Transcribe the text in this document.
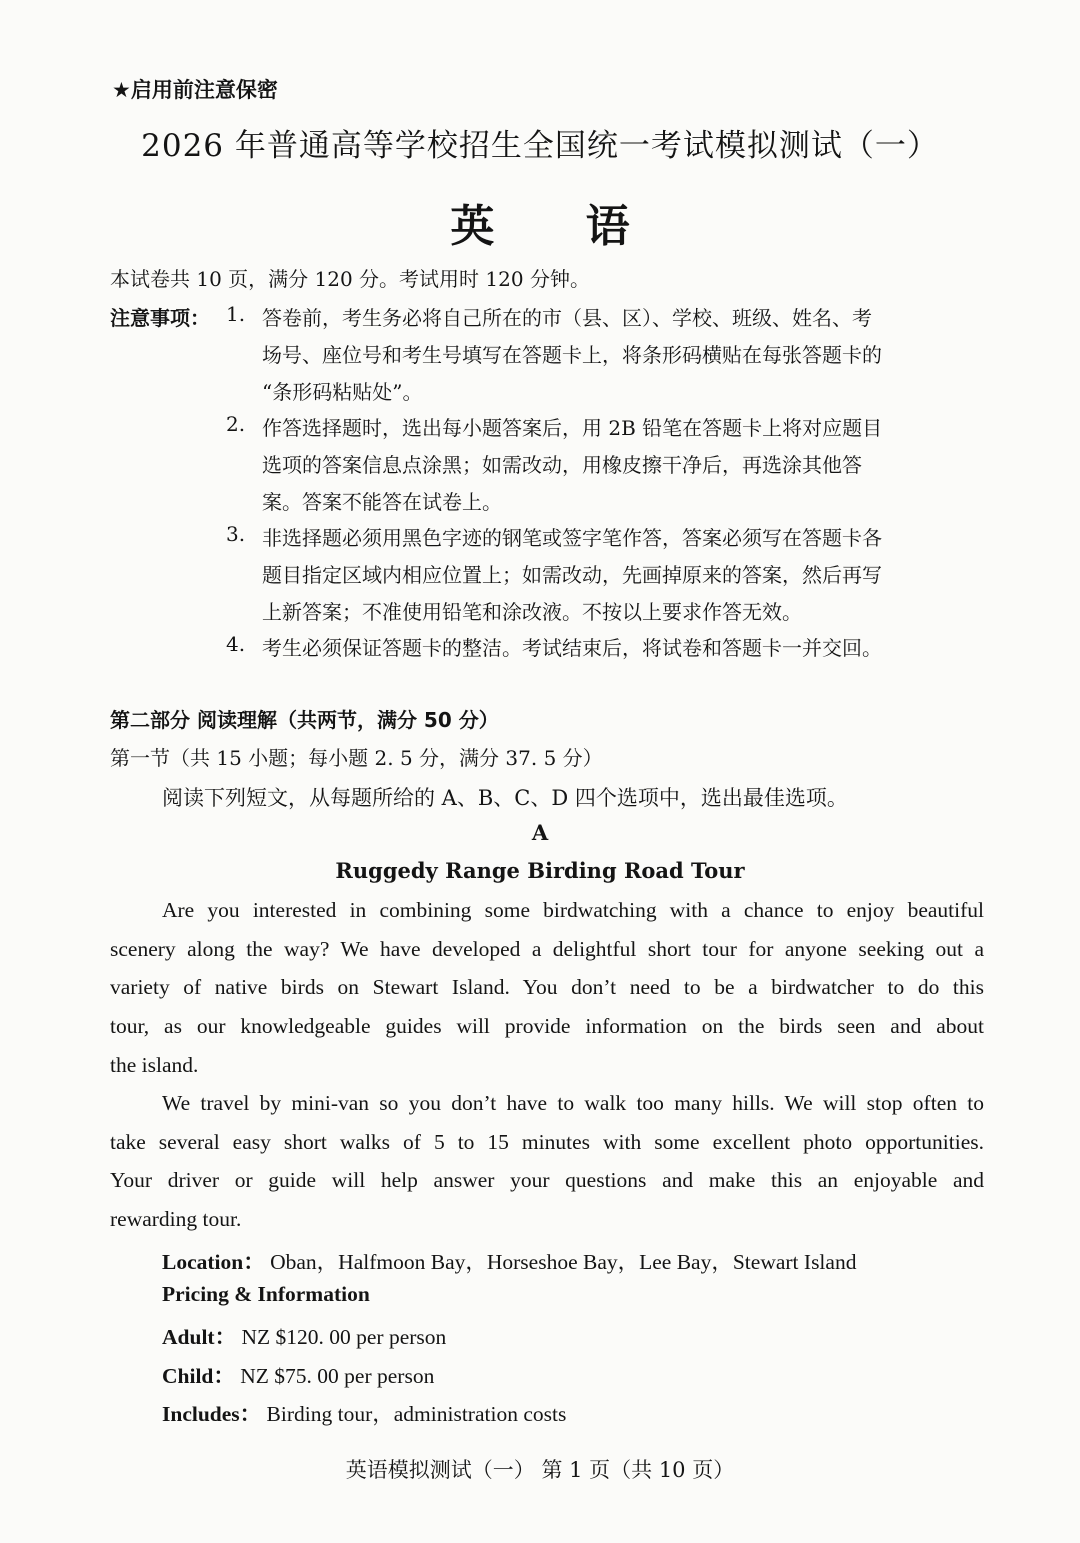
★启用前注意保密
2026 年普通高等学校招生全国统一考试模拟测试（一）
英 语
本试卷共 10 页，满分 120 分。考试用时 120 分钟。
注意事项： 1. 答卷前，考生务必将自己所在的市（县、区）、学校、班级、姓名、考
场号、座位号和考生号填写在答题卡上，将条形码横贴在每张答题卡的
“条形码粘贴处”。
2. 作答选择题时，选出每小题答案后，用 2B 铅笔在答题卡上将对应题目
选项的答案信息点涂黑；如需改动，用橡皮擦干净后，再选涂其他答
案。答案不能答在试卷上。
3. 非选择题必须用黑色字迹的钢笔或签字笔作答，答案必须写在答题卡各
题目指定区域内相应位置上；如需改动，先画掉原来的答案，然后再写
上新答案；不准使用铅笔和涂改液。不按以上要求作答无效。
4. 考生必须保证答题卡的整洁。考试结束后，将试卷和答题卡一并交回。
第二部分 阅读理解（共两节，满分 50 分）
第一节（共 15 小题；每小题 2. 5 分，满分 37. 5 分）
阅读下列短文，从每题所给的 A、B、C、D 四个选项中，选出最佳选项。
A
Ruggedy Range Birding Road Tour
Are you interested in combining some birdwatching with a chance to enjoy beautiful
scenery along the way? We have developed a delightful short tour for anyone seeking out a
variety of native birds on Stewart Island. You don’t need to be a birdwatcher to do this
tour, as our knowledgeable guides will provide information on the birds seen and about
the island.
We travel by mini-van so you don’t have to walk too many hills. We will stop often to
take several easy short walks of 5 to 15 minutes with some excellent photo opportunities.
Your driver or guide will help answer your questions and make this an enjoyable and
rewarding tour.
Location： Oban，Halfmoon Bay，Horseshoe Bay，Lee Bay，Stewart Island
Pricing & Information
Adult： NZ $120. 00 per person
Child： NZ $75. 00 per person
Includes： Birding tour，administration costs
英语模拟测试（一） 第 1 页（共 10 页）
